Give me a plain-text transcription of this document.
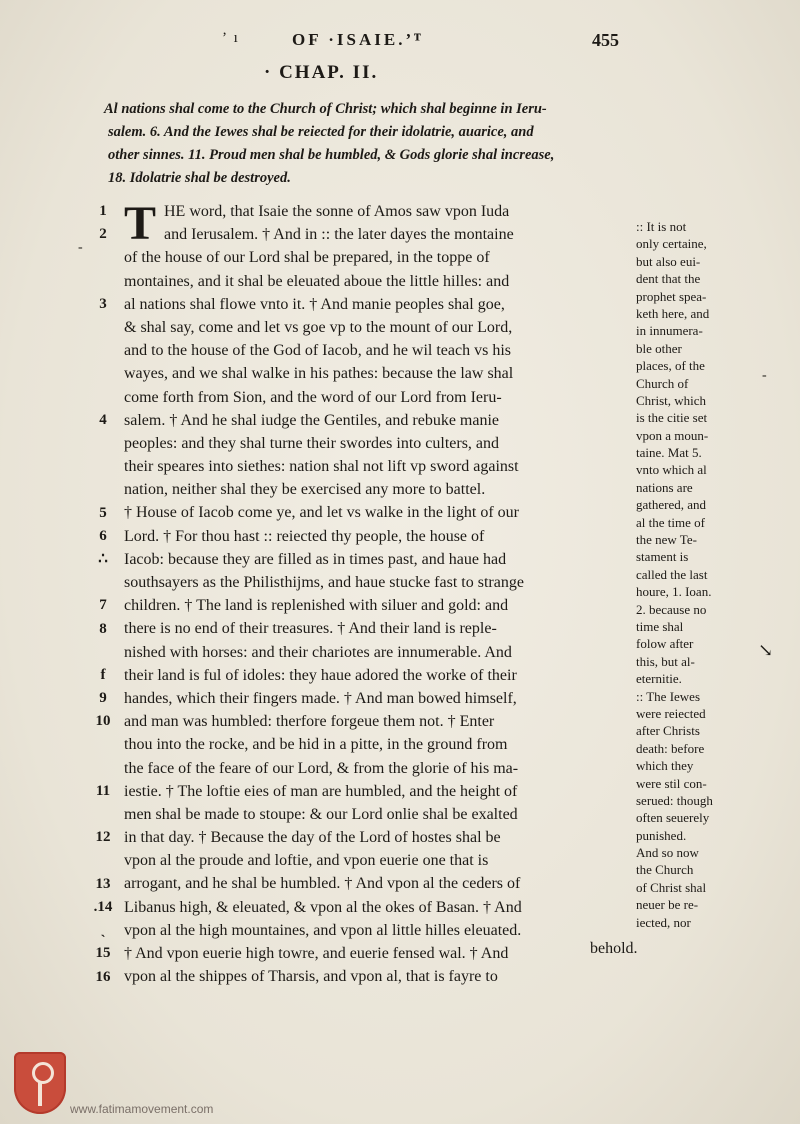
’ ı	OF ·ISAIE.’ᵀ	455
· CHAP. II.
Al nations shal come to the Church of Christ; which shal beginne in Ieru-
salem. 6. And the Iewes shal be reiected for their idolatrie, auarice, and
other sinnes. 11. Proud men shal be humbled, & Gods glorie shal increase,
18. Idolatrie shal be destroyed.
- T
1
2
3
4
5
6
∴
7
8
f
9
10
11
12
13
.14
ˎ
15
16
HE word, that Isaie the sonne of Amos saw vpon Iuda
and Ierusalem. † And in :: the later dayes the montaine
of the house of our Lord shal be prepared, in the toppe of
montaines, and it shal be eleuated aboue the little hilles: and
al nations shal flowe vnto it. † And manie peoples shal goe,
& shal say, come and let vs goe vp to the mount of our Lord,
and to the house of the God of Iacob, and he wil teach vs his
wayes, and we shal walke in his pathes: because the law shal
come forth from Sion, and the word of our Lord from Ieru-
salem. † And he shal iudge the Gentiles, and rebuke manie
peoples: and they shal turne their swordes into culters, and
their speares into siethes: nation shal not lift vp sword against
nation, neither shal they be exercised any more to battel.
† House of Iacob come ye, and let vs walke in the light of our
Lord. † For thou hast :: reiected thy people, the house of
Iacob: because they are filled as in times past, and haue had
southsayers as the Philisthijms, and haue stucke fast to strange
children. † The land is replenished with siluer and gold: and
there is no end of their treasures. † And their land is reple-
nished with horses: and their chariotes are innumerable. And
their land is ful of idoles: they haue adored the worke of their
handes, which their fingers made. † And man bowed himself,
and man was humbled: therfore forgeue them not. † Enter
thou into the rocke, and be hid in a pitte, in the ground from
the face of the feare of our Lord, & from the glorie of his ma-
iestie. † The loftie eies of man are humbled, and the height of
men shal be made to stoupe: & our Lord onlie shal be exalted
in that day. † Because the day of the Lord of hostes shal be
vpon al the proude and loftie, and vpon euerie one that is
arrogant, and he shal be humbled. † And vpon al the ceders of
Libanus high, & eleuated, & vpon al the okes of Basan. † And
vpon al the high mountaines, and vpon al little hilles eleuated.
† And vpon euerie high towre, and euerie fensed wal. † And
vpon al the shippes of Tharsis, and vpon al, that is fayre to
behold.
:: It is not
only certaine,
but also eui-
dent that the
prophet spea-
keth here, and
in innumera-
ble other
places, of the
Church of
Christ, which
is the citie set
vpon a moun-
taine. Mat 5.
vnto which al
nations are
gathered, and
al the time of
the new Te-
stament is
called the last
houre, 1. Ioan.
2. because no
time shal
folow after
this, but al-
eternitie.
:: The Iewes
were reiected
after Christs
death: before
which they
were stil con-
serued: though
often seuerely
punished.
And so now
the Church
of Christ shal
neuer be re-
iected, nor
-
↘
www.fatimamovement.com
